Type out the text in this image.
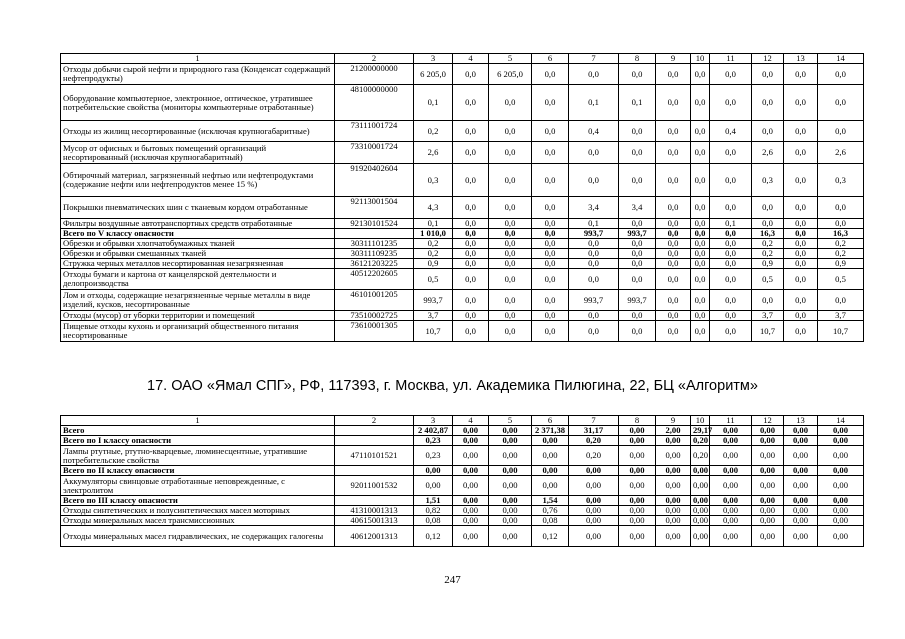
1	2	3	4	5	6	7	8	9	10	11	12	13	14
Отходы добычи сырой нефти и природного газа (Конденсат содержащий нефтепродукты)	21200000000	6 205,0	0,0	6 205,0	0,0	0,0	0,0	0,0	0,0	0,0	0,0	0,0	0,0
Оборудование компьютерное, электронное, оптическое, утратившее потребительские свойства (мониторы компьютерные отработанные)	48100000000	0,1	0,0	0,0	0,0	0,1	0,1	0,0	0,0	0,0	0,0	0,0	0,0
Отходы из жилищ несортированные (исключая крупногабаритные)	73111001724	0,2	0,0	0,0	0,0	0,4	0,0	0,0	0,0	0,4	0,0	0,0	0,0
Мусор от офисных и бытовых помещений организаций несортированный (исключая крупногабаритный)	73310001724	2,6	0,0	0,0	0,0	0,0	0,0	0,0	0,0	0,0	2,6	0,0	2,6
Обтирочный материал, загрязненный нефтью или нефтепродуктами (содержание нефти или нефтепродуктов менее 15 %)	91920402604	0,3	0,0	0,0	0,0	0,0	0,0	0,0	0,0	0,0	0,3	0,0	0,3
Покрышки пневматических шин с тканевым кордом отработанные	92113001504	4,3	0,0	0,0	0,0	3,4	3,4	0,0	0,0	0,0	0,0	0,0	0,0
Фильтры воздушные автотранспортных средств отработанные	92130101524	0,1	0,0	0,0	0,0	0,1	0,0	0,0	0,0	0,1	0,0	0,0	0,0
Всего по V классу опасности		1 010,0	0,0	0,0	0,0	993,7	993,7	0,0	0,0	0,0	16,3	0,0	16,3
Обрезки и обрывки хлопчатобумажных тканей	30311101235	0,2	0,0	0,0	0,0	0,0	0,0	0,0	0,0	0,0	0,2	0,0	0,2
Обрезки и обрывки смешанных тканей	30311109235	0,2	0,0	0,0	0,0	0,0	0,0	0,0	0,0	0,0	0,2	0,0	0,2
Стружка черных металлов несортированная незагрязненная	36121203225	0,9	0,0	0,0	0,0	0,0	0,0	0,0	0,0	0,0	0,9	0,0	0,9
Отходы бумаги и картона от канцелярской деятельности и делопроизводства	40512202605	0,5	0,0	0,0	0,0	0,0	0,0	0,0	0,0	0,0	0,5	0,0	0,5
Лом и отходы, содержащие незагрязненные черные металлы в виде изделий, кусков, несортированные	46101001205	993,7	0,0	0,0	0,0	993,7	993,7	0,0	0,0	0,0	0,0	0,0	0,0
Отходы (мусор) от уборки территории и помещений	73510002725	3,7	0,0	0,0	0,0	0,0	0,0	0,0	0,0	0,0	3,7	0,0	3,7
Пищевые отходы кухонь и организаций общественного питания несортированные	73610001305	10,7	0,0	0,0	0,0	0,0	0,0	0,0	0,0	0,0	10,7	0,0	10,7
17. ОАО «Ямал СПГ», РФ, 117393, г. Москва, ул. Академика Пилюгина, 22, БЦ «Алгоритм»
1	2	3	4	5	6	7	8	9	10	11	12	13	14
Всего		2 402,87	0,00	0,00	2 371,38	31,17	0,00	2,00	29,17	0,00	0,00	0,00	0,00
Всего по I классу опасности		0,23	0,00	0,00	0,00	0,20	0,00	0,00	0,20	0,00	0,00	0,00	0,00
Лампы ртутные, ртутно-кварцевые, люминесцентные, утратившие потребительские свойства	47110101521	0,23	0,00	0,00	0,00	0,20	0,00	0,00	0,20	0,00	0,00	0,00	0,00
Всего по II классу опасности		0,00	0,00	0,00	0,00	0,00	0,00	0,00	0,00	0,00	0,00	0,00	0,00
Аккумуляторы свинцовые отработанные неповрежденные, с электролитом	92011001532	0,00	0,00	0,00	0,00	0,00	0,00	0,00	0,00	0,00	0,00	0,00	0,00
Всего по III классу опасности		1,51	0,00	0,00	1,54	0,00	0,00	0,00	0,00	0,00	0,00	0,00	0,00
Отходы синтетических и полусинтетических масел моторных	41310001313	0,82	0,00	0,00	0,76	0,00	0,00	0,00	0,00	0,00	0,00	0,00	0,00
Отходы минеральных масел трансмиссионных	40615001313	0,08	0,00	0,00	0,08	0,00	0,00	0,00	0,00	0,00	0,00	0,00	0,00
Отходы минеральных масел гидравлических, не содержащих галогены	40612001313	0,12	0,00	0,00	0,12	0,00	0,00	0,00	0,00	0,00	0,00	0,00	0,00
247
